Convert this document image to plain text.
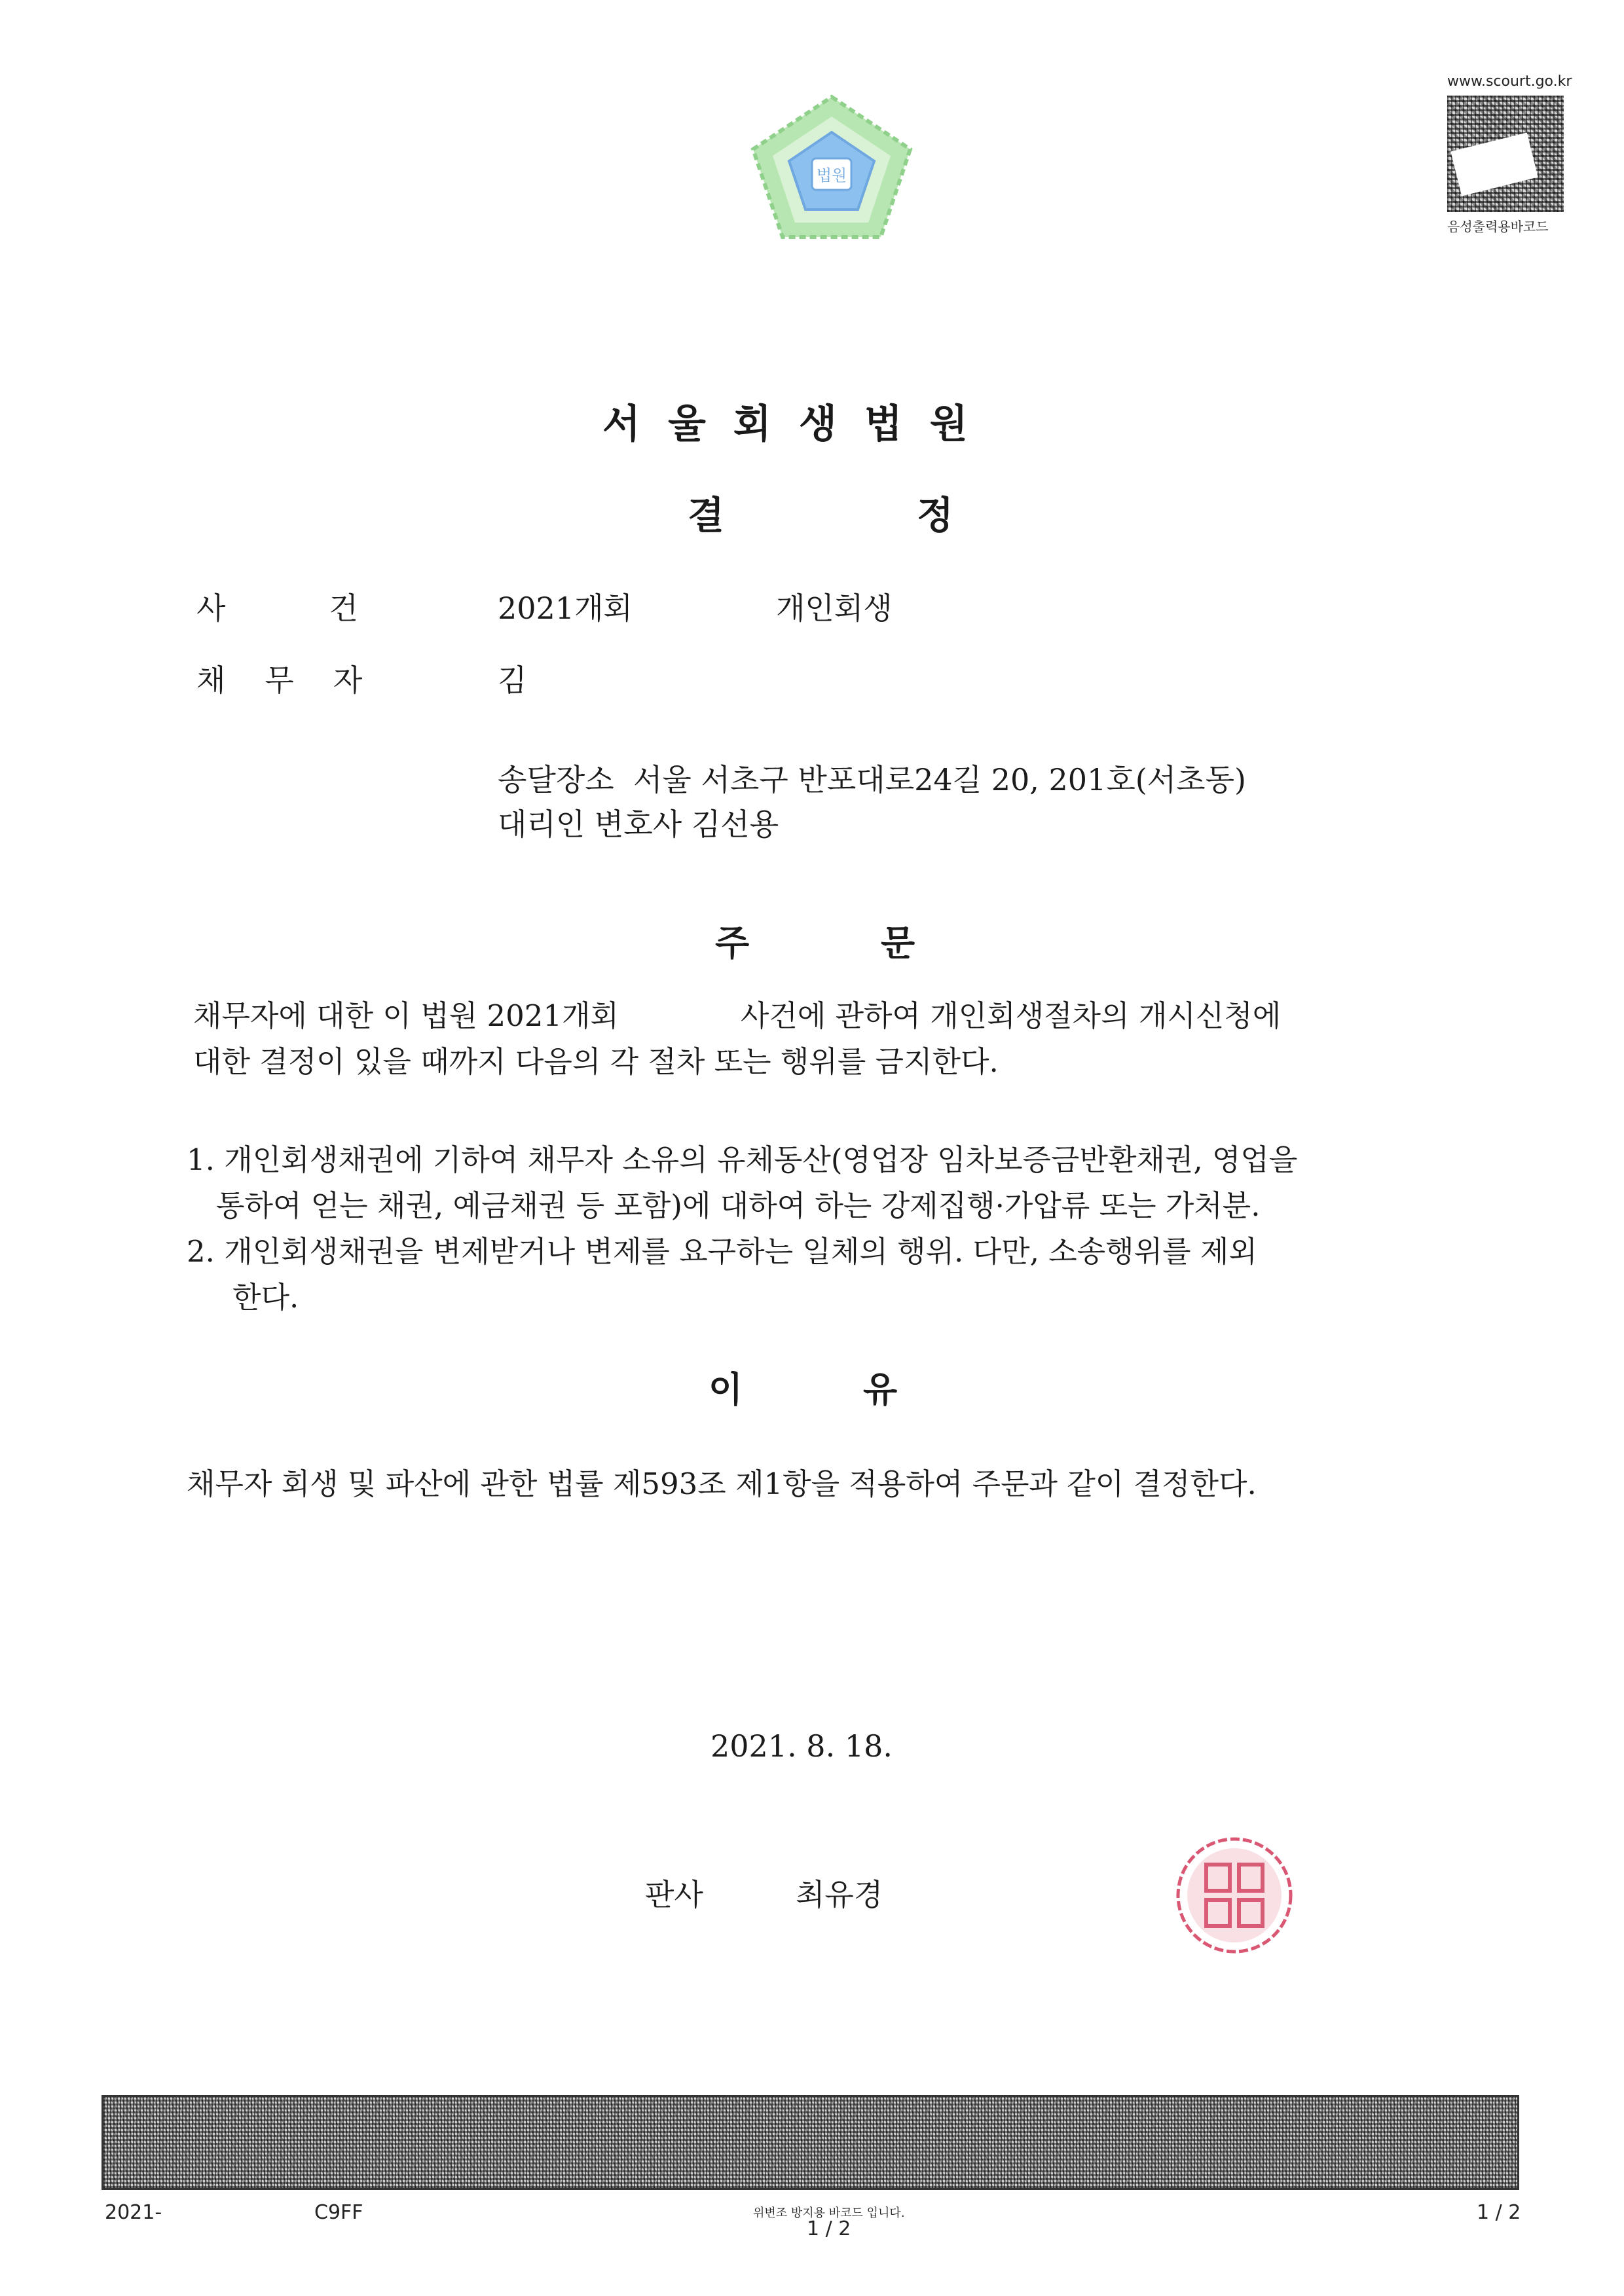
법원
www.scourt.go.kr
음성출력용바코드
서울회생법원
결	정
사건 2021개회	개인회생
채무자	김
송달장소  서울 서초구 반포대로24길 20, 201호(서초동)
대리인 변호사 김선용
주	문
채무자에 대한 이 법원 2021개회             사건에 관하여 개인회생절차의 개시신청에
대한 결정이 있을 때까지 다음의 각 절차 또는 행위를 금지한다.
1. 개인회생채권에 기하여 채무자 소유의 유체동산(영업장 임차보증금반환채권, 영업을
통하여 얻는 채권, 예금채권 등 포함)에 대하여 하는 강제집행·가압류 또는 가처분.
2. 개인회생채권을 변제받거나 변제를 요구하는 일체의 행위. 다만, 소송행위를 제외
한다.
이	유
채무자 회생 및 파산에 관한 법률 제593조 제1항을 적용하여 주문과 같이 결정한다.
2021. 8. 18.
판사	최유경
2021-	C9FF	위변조 방지용 바코드 입니다.
1 / 2
1 / 2
